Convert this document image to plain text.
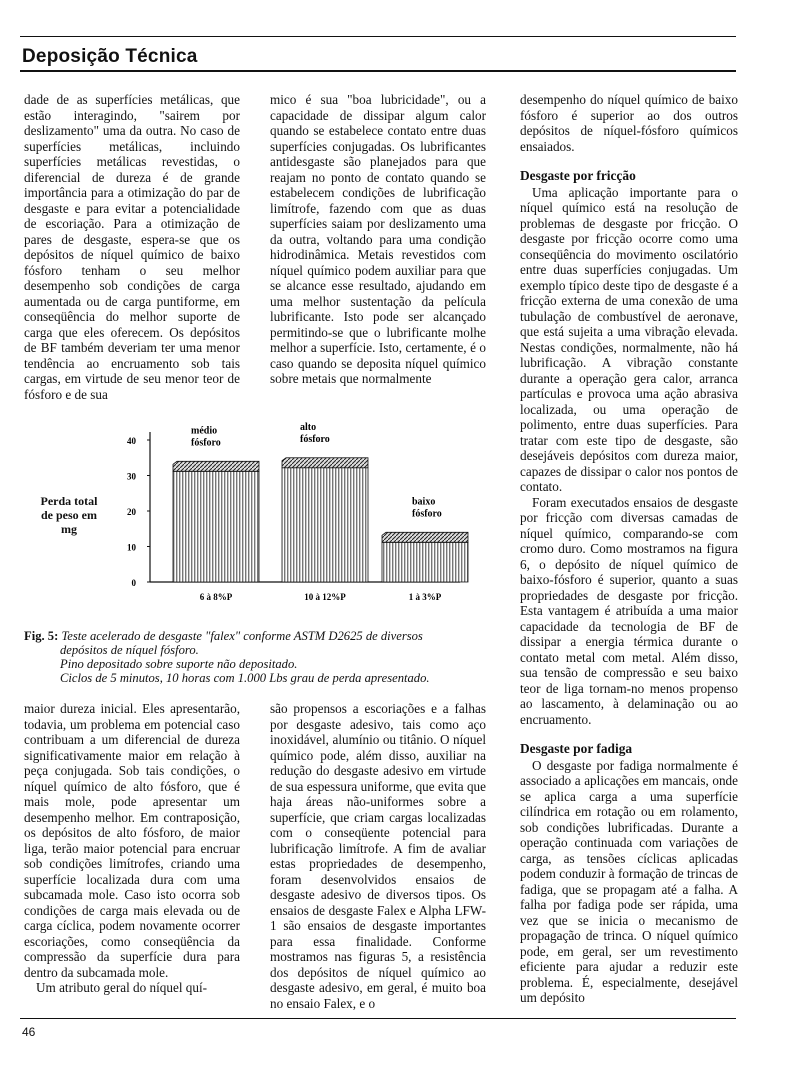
Deposição Técnica

dade de as superfícies metálicas, que estão interagindo, "sairem por deslizamento" uma da outra. No caso de superfícies metálicas, incluindo superfícies metálicas revestidas, o diferencial de dureza é de grande importância para a otimização do par de desgaste e para evitar a potencialidade de escoriação. Para a otimização de pares de desgaste, espera-se que os depósitos de níquel químico de baixo fósforo tenham o seu melhor desempenho sob condições de carga aumentada ou de carga puntiforme, em conseqüência do melhor suporte de carga que eles oferecem. Os depósitos de BF também deveriam ter uma menor tendência ao encruamento sob tais cargas, em virtude de seu menor teor de fósforo e de sua

mico é sua "boa lubricidade", ou a capacidade de dissipar algum calor quando se estabelece contato entre duas superfícies conjugadas. Os lubrificantes antidesgaste são planejados para que reajam no ponto de contato quando se estabelecem condições de lubrificação limítrofe, fazendo com que as duas superfícies saiam por deslizamento uma da outra, voltando para uma condição hidrodinâmica. Metais revestidos com níquel químico podem auxiliar para que se alcance esse resultado, ajudando em uma melhor sustentação da película lubrificante. Isto pode ser alcançado permitindo-se que o lubrificante molhe melhor a superfície. Isto, certamente, é o caso quando se deposita níquel químico sobre metais que normalmente

0
10
20
30
40
6 à 8%P
médio
fósforo
10 à 12%P
alto
fósforo
1 à 3%P
baixo
fósforo
Perda total de peso em mg
Fig. 5: Teste acelerado de desgaste "falex" conforme ASTM D2625 de diversos
depósitos de níquel fósforo.
Pino depositado sobre suporte não depositado.
Ciclos de 5 minutos, 10 horas com 1.000 Lbs grau de perda apresentado.

maior dureza inicial. Eles apresentarão, todavia, um problema em potencial caso contribuam a um diferencial de dureza significativamente maior em relação à peça conjugada. Sob tais condições, o níquel químico de alto fósforo, que é mais mole, pode apresentar um desempenho melhor. Em contraposição, os depósitos de alto fósforo, de maior liga, terão maior potencial para encruar sob condições limítrofes, criando uma superfície localizada dura com uma subcamada mole. Caso isto ocorra sob condições de carga mais elevada ou de carga cíclica, podem novamente ocorrer escoriações, como conseqüência da compressão da superfície dura para dentro da subcamada mole.

Um atributo geral do níquel quí-

são propensos a escoriações e a falhas por desgaste adesivo, tais como aço inoxidável, alumínio ou titânio. O níquel químico pode, além disso, auxiliar na redução do desgaste adesivo em virtude de sua espessura uniforme, que evita que haja áreas não-uniformes sobre a superfície, que criam cargas localizadas com o conseqüente potencial para lubrificação limítrofe. A fim de avaliar estas propriedades de desempenho, foram desenvolvidos ensaios de desgaste adesivo de diversos tipos. Os ensaios de desgaste Falex e Alpha LFW-1 são ensaios de desgaste importantes para essa finalidade. Conforme mostramos nas figuras 5, a resistência dos depósitos de níquel químico ao desgaste adesivo, em geral, é muito boa no ensaio Falex, e o

desempenho do níquel químico de baixo fósforo é superior ao dos outros depósitos de níquel-fósforo químicos ensaiados.

Desgaste por fricção

Uma aplicação importante para o níquel químico está na resolução de problemas de desgaste por fricção. O desgaste por fricção ocorre como uma conseqüência do movimento oscilatório entre duas superfícies conjugadas. Um exemplo típico deste tipo de desgaste é a fricção externa de uma conexão de uma tubulação de combustível de aeronave, que está sujeita a uma vibração elevada. Nestas condições, normalmente, não há lubrificação. A vibração constante durante a operação gera calor, arranca partículas e provoca uma ação abrasiva localizada, ou uma operação de polimento, entre duas superfícies. Para tratar com este tipo de desgaste, são desejáveis depósitos com dureza maior, capazes de dissipar o calor nos pontos de contato.

Foram executados ensaios de desgaste por fricção com diversas camadas de níquel químico, comparando-se com cromo duro. Como mostramos na figura 6, o depósito de níquel químico de baixo-fósforo é superior, quanto a suas propriedades de desgaste por fricção. Esta vantagem é atribuída a uma maior capacidade da tecnologia de BF de dissipar a energia térmica durante o contato metal com metal. Além disso, sua tensão de compressão e seu baixo teor de liga tornam-no menos propenso ao lascamento, à delaminação ou ao encruamento.

Desgaste por fadiga

O desgaste por fadiga normalmente é associado a aplicações em mancais, onde se aplica carga a uma superfície cilíndrica em rotação ou em rolamento, sob condições lubrificadas. Durante a operação continuada com variações de carga, as tensões cíclicas aplicadas podem conduzir à formação de trincas de fadiga, que se propagam até a falha. A falha por fadiga pode ser rápida, uma vez que se inicia o mecanismo de propagação de trinca. O níquel químico pode, em geral, ser um revestimento eficiente para ajudar a reduzir este problema. É, especialmente, desejável um depósito

46
